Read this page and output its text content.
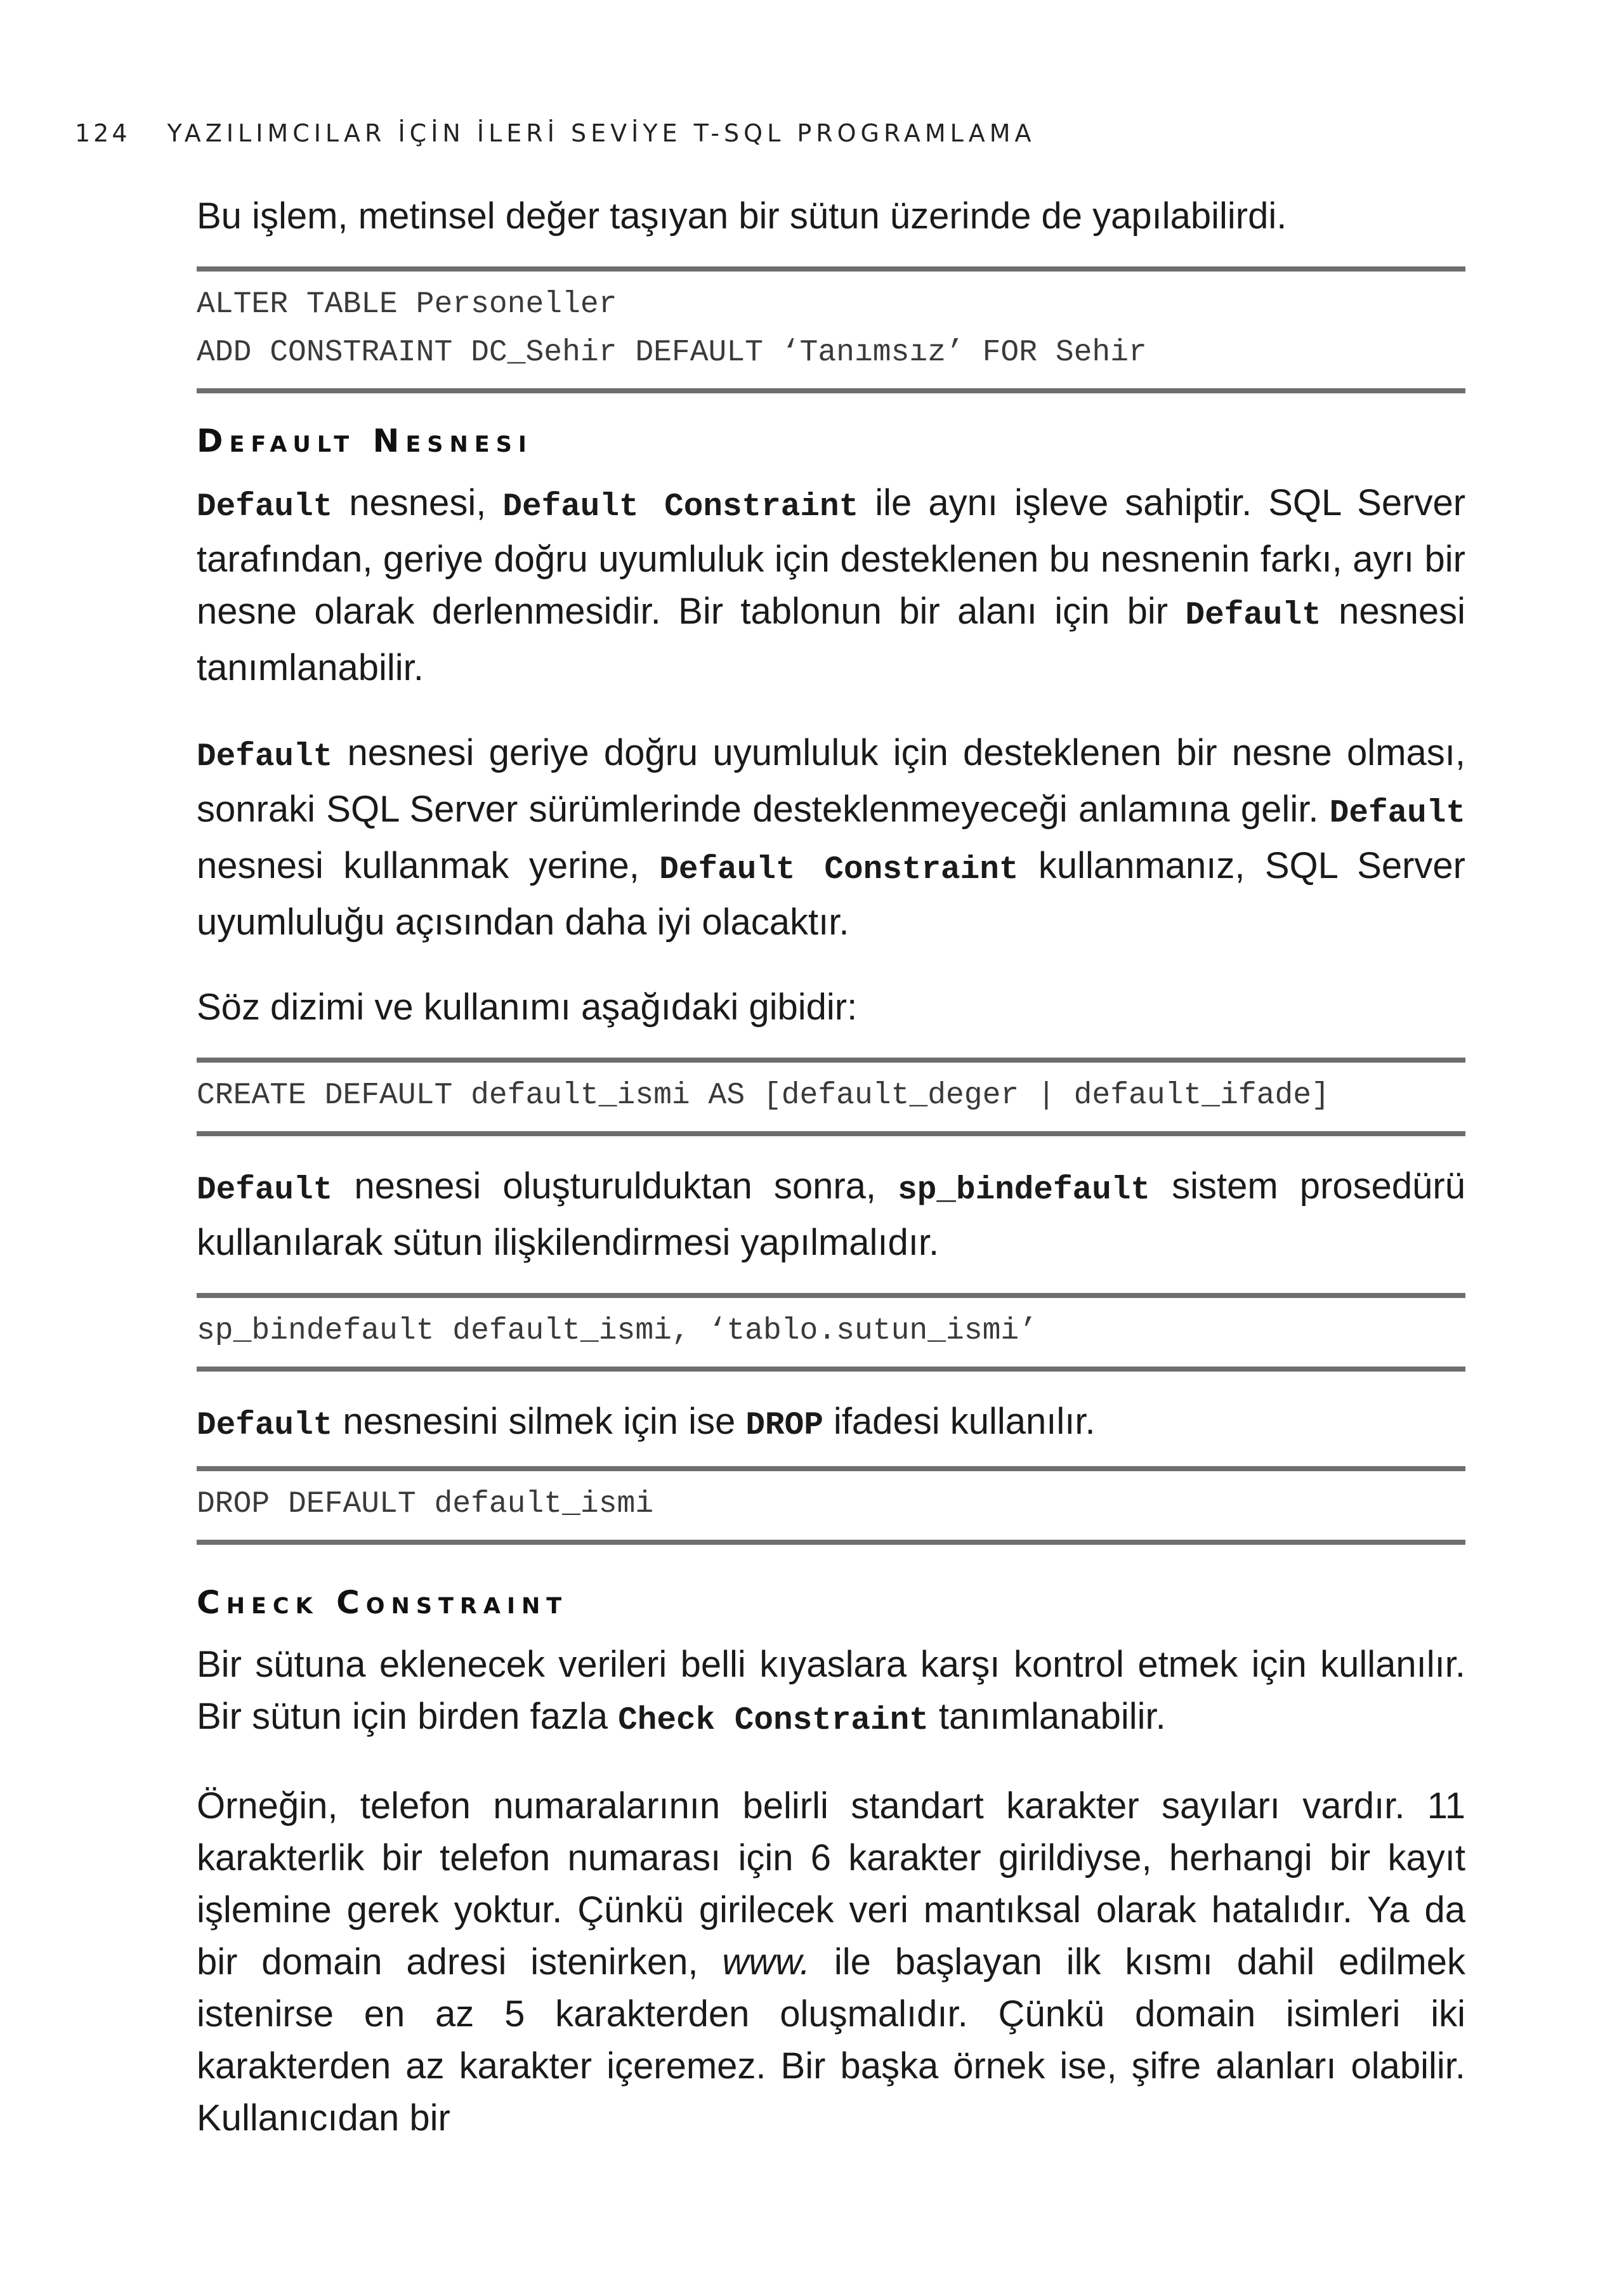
124 YAZILIMCILAR İÇİN İLERİ SEVİYE T-SQL PROGRAMLAMA

Bu işlem, metinsel değer taşıyan bir sütun üzerinde de yapılabilirdi.

ALTER TABLE Personeller
ADD CONSTRAINT DC_Sehir DEFAULT ‘Tanımsız’ FOR Sehir
Default Nesnesi

Default nesnesi, Default Constraint ile aynı işleve sahiptir. SQL Server tarafından, geriye doğru uyumluluk için desteklenen bu nesnenin farkı, ayrı bir nesne olarak derlenmesidir. Bir tablonun bir alanı için bir Default nesnesi tanımlanabilir.

Default nesnesi geriye doğru uyumluluk için desteklenen bir nesne olması, sonraki SQL Server sürümlerinde desteklenmeyeceği anlamına gelir. Default nesnesi kullanmak yerine, Default Constraint kullanmanız, SQL Server uyumluluğu açısından daha iyi olacaktır.

Söz dizimi ve kullanımı aşağıdaki gibidir:

CREATE DEFAULT default_ismi AS [default_deger | default_ifade]

Default nesnesi oluşturulduktan sonra, sp_bindefault sistem prosedürü kullanılarak sütun ilişkilendirmesi yapılmalıdır.

sp_bindefault default_ismi, ‘tablo.sutun_ismi’

Default nesnesini silmek için ise DROP ifadesi kullanılır.

DROP DEFAULT default_ismi
Check Constraint

Bir sütuna eklenecek verileri belli kıyaslara karşı kontrol etmek için kullanılır. Bir sütun için birden fazla Check Constraint tanımlanabilir.

Örneğin, telefon numaralarının belirli standart karakter sayıları vardır. 11 karakterlik bir telefon numarası için 6 karakter girildiyse, herhangi bir kayıt işlemine gerek yoktur. Çünkü girilecek veri mantıksal olarak hatalıdır. Ya da bir domain adresi istenirken, www. ile başlayan ilk kısmı dahil edilmek istenirse en az 5 karakterden oluşmalıdır. Çünkü domain isimleri iki karakterden az karakter içeremez. Bir başka örnek ise, şifre alanları olabilir. Kullanıcıdan bir
